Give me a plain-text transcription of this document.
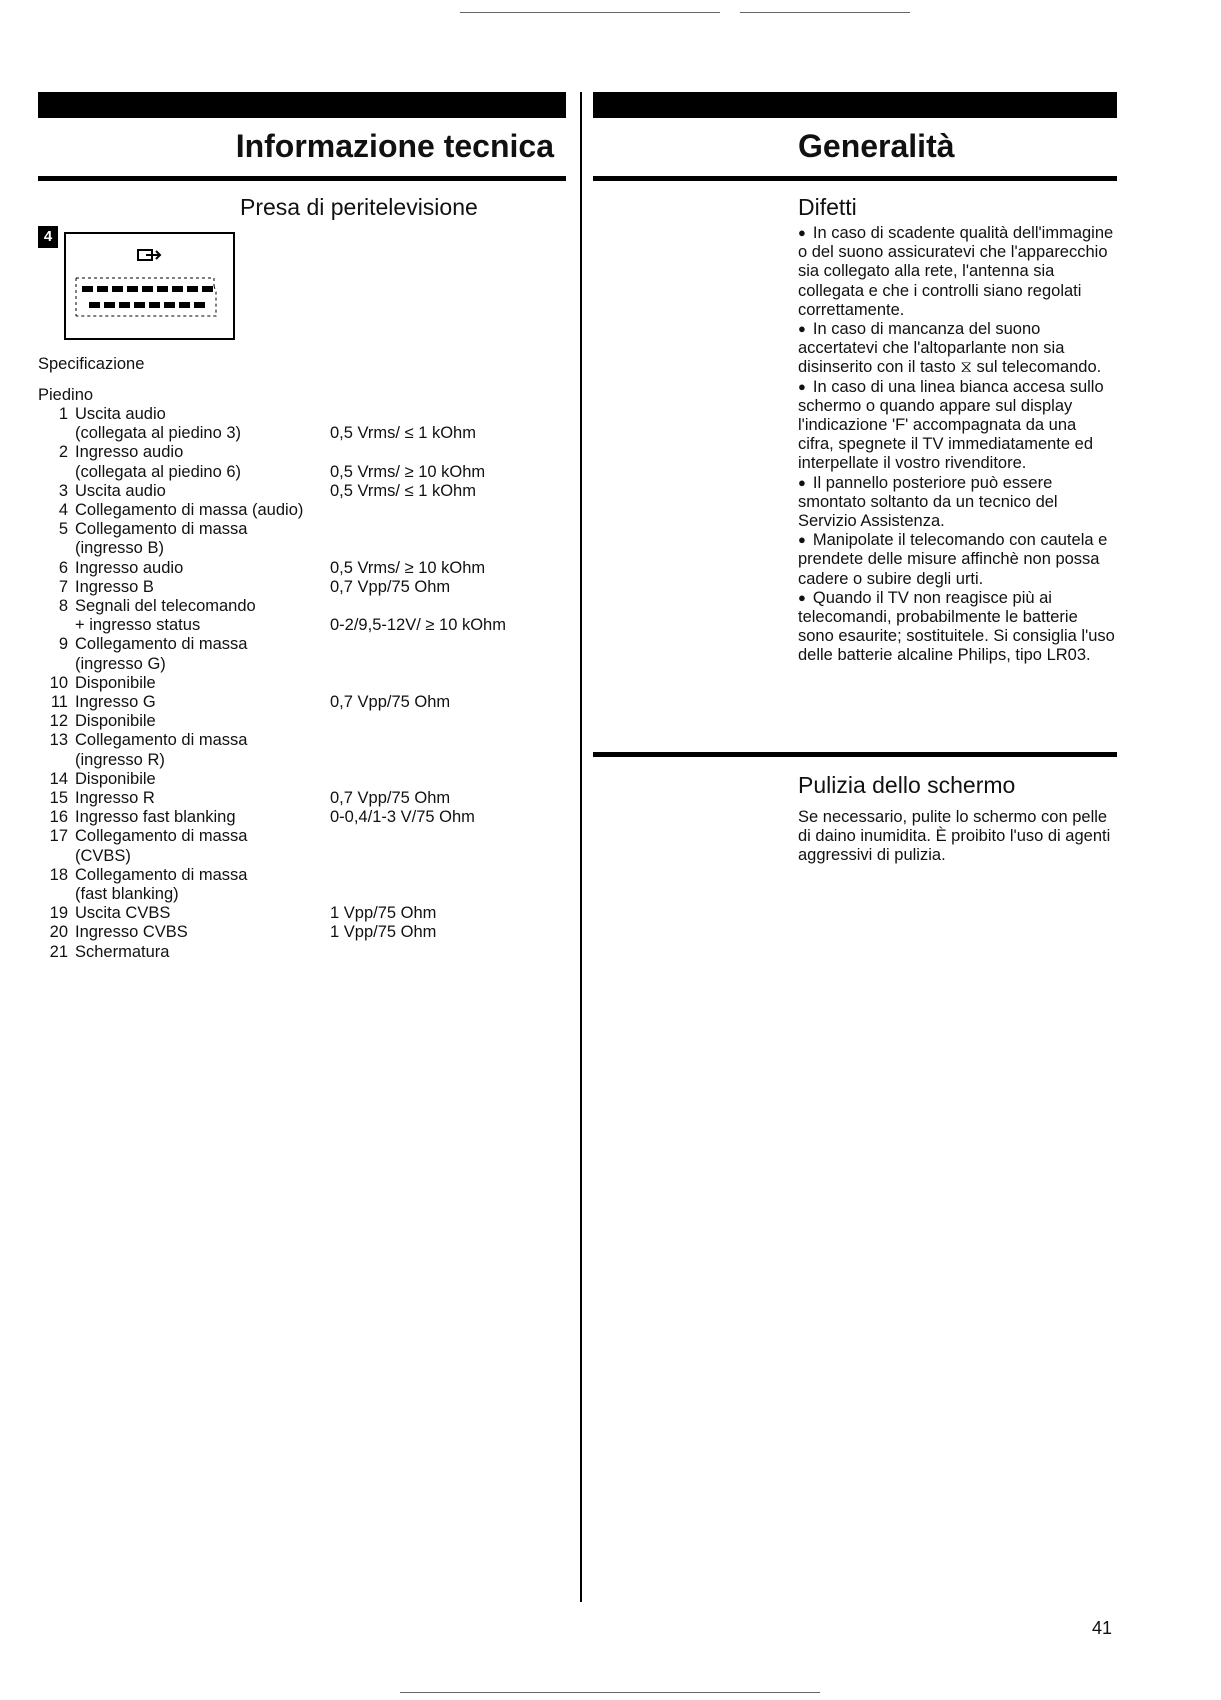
Informazione tecnica
Presa di peritelevisione
4
Specificazione
Piedino
1 Uscita audio
(collegata al piedino 3)	0,5 Vrms/ ≤ 1 kOhm
2 Ingresso audio
(collegata al piedino 6)	0,5 Vrms/ ≥ 10 kOhm
3 Uscita audio	0,5 Vrms/ ≤ 1 kOhm
4 Collegamento di massa (audio)
5 Collegamento di massa
(ingresso B)
6 Ingresso audio	0,5 Vrms/ ≥ 10 kOhm
7 Ingresso B	0,7 Vpp/75 Ohm
8 Segnali del telecomando
+ ingresso status	0-2/9,5-12V/ ≥ 10 kOhm
9 Collegamento di massa
(ingresso G)
10 Disponibile
11 Ingresso G	0,7 Vpp/75 Ohm
12 Disponibile
13 Collegamento di massa
(ingresso R)
14 Disponibile
15 Ingresso R	0,7 Vpp/75 Ohm
16 Ingresso fast blanking	0-0,4/1-3 V/75 Ohm
17 Collegamento di massa
(CVBS)
18 Collegamento di massa
(fast blanking)
19 Uscita CVBS	1 Vpp/75 Ohm
20 Ingresso CVBS	1 Vpp/75 Ohm
21 Schermatura
Generalità
Difetti

● In caso di scadente qualità dell'immagine o del suono assicuratevi che l'apparecchio sia collegato alla rete, l'antenna sia collegata e che i controlli siano regolati correttamente.

● In caso di mancanza del suono accertatevi che l'altoparlante non sia disinserito con il tasto ⧖ sul telecomando.

● In caso di una linea bianca accesa sullo schermo o quando appare sul display l'indicazione 'F' accompagnata da una cifra, spegnete il TV immediatamente ed interpellate il vostro rivenditore.

● Il pannello posteriore può essere smontato soltanto da un tecnico del Servizio Assistenza.

● Manipolate il telecomando con cautela e prendete delle misure affinchè non possa cadere o subire degli urti.

● Quando il TV non reagisce più ai telecomandi, probabilmente le batterie sono esaurite; sostituitele. Si consiglia l'uso delle batterie alcaline Philips, tipo LR03.

Pulizia dello schermo
Se necessario, pulite lo schermo con pelle di daino inumidita. È proibito l'uso di agenti aggressivi di pulizia.
41
